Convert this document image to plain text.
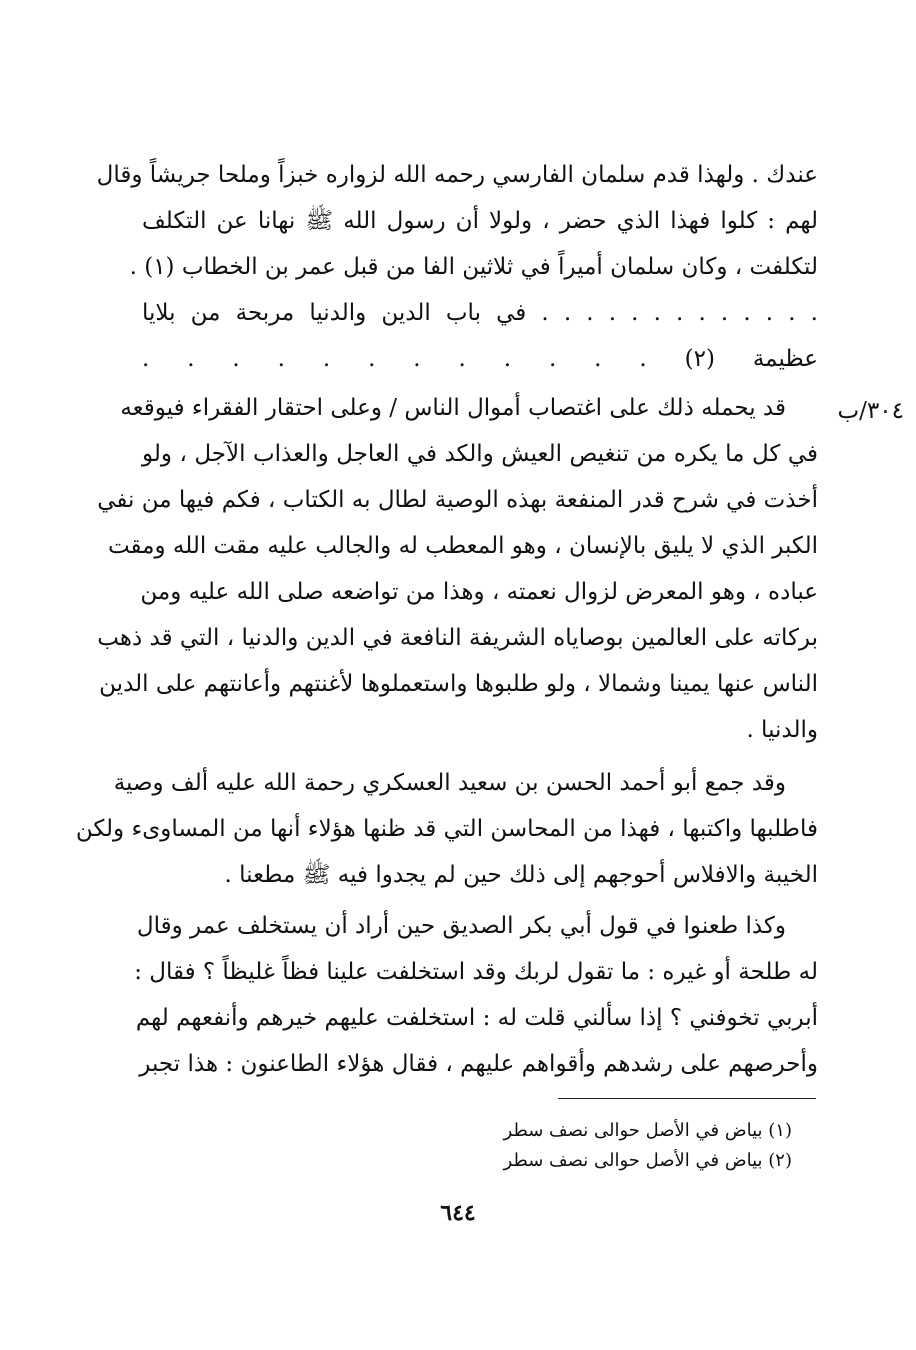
عندك . ولهذا قدم سلمان الفارسي رحمه الله لزواره خبزاً وملحا جريشاً وقال
لهم : كلوا فهذا الذي حضر ، ولولا أن رسول الله ﷺ نهانا عن التكلف
لتكلفت ، وكان سلمان أميراً في ثلاثين الفا من قبل عمر بن الخطاب (١) .
. . . . . . . . . . . . . في باب الدين والدنيا مربحة من بلايا
عظيمة (٢) . . . . . . . . . . . .
٣٠٤/ب
قد يحمله ذلك على اغتصاب أموال الناس / وعلى احتقار الفقراء فيوقعه
في كل ما يكره من تنغيص العيش والكد في العاجل والعذاب الآجل ، ولو
أخذت في شرح قدر المنفعة بهذه الوصية لطال به الكتاب ، فكم فيها من نفي
الكبر الذي لا يليق بالإنسان ، وهو المعطب له والجالب عليه مقت الله ومقت
عباده ، وهو المعرض لزوال نعمته ، وهذا من تواضعه صلى الله عليه ومن
بركاته على العالمين بوصاياه الشريفة النافعة في الدين والدنيا ، التي قد ذهب
الناس عنها يمينا وشمالا ، ولو طلبوها واستعملوها لأغنتهم وأعانتهم على الدين
والدنيا .
وقد جمع أبو أحمد الحسن بن سعيد العسكري رحمة الله عليه ألف وصية
فاطلبها واكتبها ، فهذا من المحاسن التي قد ظنها هؤلاء أنها من المساوىء ولكن
الخيبة والافلاس أحوجهم إلى ذلك حين لم يجدوا فيه ﷺ مطعنا .
وكذا طعنوا في قول أبي بكر الصديق حين أراد أن يستخلف عمر وقال
له طلحة أو غيره : ما تقول لربك وقد استخلفت علينا فظاً غليظاً ؟ فقال :
أبربي تخوفني ؟ إذا سألني قلت له : استخلفت عليهم خيرهم وأنفعهم لهم
وأحرصهم على رشدهم وأقواهم عليهم ، فقال هؤلاء الطاعنون : هذا تجبر
(١) بياض في الأصل حوالى نصف سطر
(٢) بياض في الأصل حوالى نصف سطر
٦٤٤
